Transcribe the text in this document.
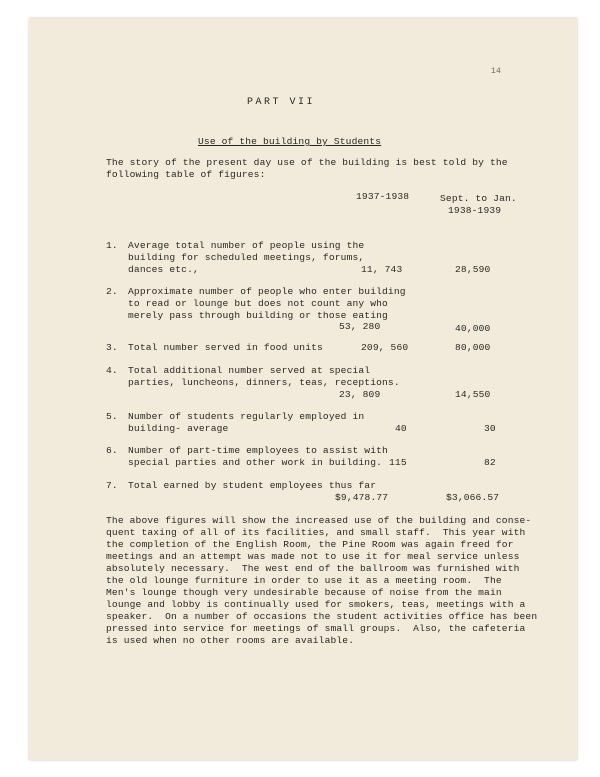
14
PART VII
Use of the building by Students
The story of the present day use of the building is best told by the
following table of figures:
1937-1938	Sept. to Jan.
1938-1939
1. Average total number of people using the
building for scheduled meetings, forums,
dances etc.,	11, 743	28,590
2. Approximate number of people who enter building
to read or lounge but does not count any who
merely pass through building or those eating
53, 280	40,000
3. Total number served in food units	209, 560	80,000
4. Total additional number served at special
parties, luncheons, dinners, teas, receptions.
23, 809	14,550
5. Number of students regularly employed in
building- average	40	30
6. Number of part-time employees to assist with
special parties and other work in building. 115	82
7. Total earned by student employees thus far
$9,478.77	$3,066.57
The above figures will show the increased use of the building and conse-
quent taxing of all of its facilities, and small staff.  This year with
the completion of the English Room, the Pine Room was again freed for
meetings and an attempt was made not to use it for meal service unless
absolutely necessary.  The west end of the ballroom was furnished with
the old lounge furniture in order to use it as a meeting room.  The
Men's lounge though very undesirable because of noise from the main
lounge and lobby is continually used for smokers, teas, meetings with a
speaker.  On a number of occasions the student activities office has been
pressed into service for meetings of small groups.  Also, the cafeteria
is used when no other rooms are available.
